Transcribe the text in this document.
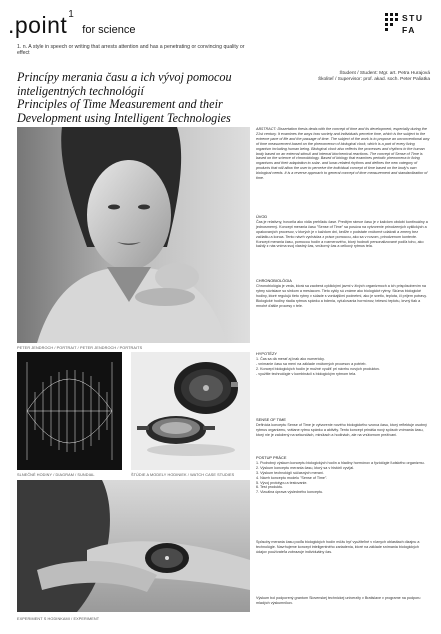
.point$^1$ for science
STU
FA
1. n. A style in speech or writing that arrests attention and has a penetrating or convincing quality or effect
Princípy merania času a ich vývoj pomocou inteligentných technológií
Principles of Time Measurement and their Development using Intelligent Technologies
Študent / Student: Mgr. art. Petra Hurajová
Školiteľ / Supervisor: prof. akad. soch. Peter Paliatka
PETER JENDROCH / PORTRAIT / PETER JENDROCH / PORTRAITS
SLNEČNÉ HODINY / DIAGRAM / SUNDIAL	ŠTÚDIE A MODELY HODINIEK / WATCH CASE STUDIES
EXPERIMENT S HODINKAMI / EXPERIMENT

ABSTRACT: Dissertation thesis deals with the concept of time and its development, especially during the 21st century. It examines the ways how society and individuals perceive time, which is the subject to the extreme pace of life and the passage of time. The subject of the work is to propose an unconventional way of time measurement based on the phenomenon of biological clock, which is a part of every living organism including human being. Biological clock also reflects the processes and rhythms in the human body based on an external stimuli and internal biochemical reactions. The concept of Sense of Time is based on the science of chronobiology. Based of biology that examines periodic phenomena in living organisms and their adaptation to solar- and lunar-related rhythms and defines the new category of products that will allow the user to perceive the individual concept of time based on the body's own biological needs. It is a reverse approach to general concept of time measurement and standardization of time.

ÚVOD

Čas je relatívny, hovorila ako vidia prehľadu čase. Predtým rámce času je v každom období kontinuálny a jednosmerný. Koncept merania času "Sense of Time" sa posúva na vytvorenie prirodzených cyklických a opakovaných procesov, v ktorých je v každom dni, keďže v podstate vnútorné udalosti a zmeny bez začiatku a konca. Tento návrh vychádza z práce pomocou, ako sa v novom, prirodzenom kontexte. Koncept merania času, pomocou hodín a rozmerového, ktorý hodnotí personalizované podľa toho, ako každý z nás vníma svoj vlastný čas, vnútorný čas a celkový rytmus tela.

CHRONOBIOLÓGIA

Chronobiológia je veda, ktorá sa zaoberá cyklickými javmi v živých organizmoch a ich prispôsobením na rytmy súvisiace so slnkom a mesiacom. Tieto cykly sú známe ako biologické rytmy. Skúma biologické hodiny, ktoré regulujú tieto rytmy v súlade s vonkajšími podnetmi, ako je svetlo, teplota, či príjem potravy. Biologické hodiny riadia rytmus spánku a bdenia, vylučovania hormónov, telesnú teplotu, krvný tlak a mnohé ďalšie procesy v tele.

HYPOTÉZY

1. Čas sa dá merať aj inak ako numericky.

- vnímanie času sa mení na základe vnútorných procesov a potrieb.

2. Koncept biologických hodín je možné využiť pri návrhu nových produktov.

- využitie technológie v kombinácii s biologickým rytmom tela.

SENSE OF TIME

Definícia konceptu Sense of Time je vytvorenie nového biologického vzorca času, ktorý reflektuje osobný rytmus organizmu, vrátane rytmu spánku a aktivity. Tento koncept prináša nový spôsob vnímania času, ktorý nie je založený na sekundách, minútach a hodinách, ale na vnútornom prežívaní.

POSTUP PRÁCE

1. Podrobný výskum konceptu biologických hodín a hladiny hormónov a fyziológie ľudského organizmu.

2. Výskum konceptu merania času, ktorý sa v histórii vyvíjal.

3. Výskum technológií súčasných meraní.

4. Návrh konceptu modelu "Sense of Time".

5. Vývoj prototypu a testovanie.

6. Test produktu.

7. Vizuálna úprava výsledného konceptu.

Spôsoby merania času podľa biologických hodín môžu byť využiteľné v rôznych oblastiach dizajnu a technológie. Navrhujeme koncept inteligentného zariadenia, ktoré na základe snímania biologických údajov používateľa zobrazuje individuálny čas.

Výskum bol podporený grantom Slovenskej technickej univerzity v Bratislave v programe na podporu mladých výskumníkov.
